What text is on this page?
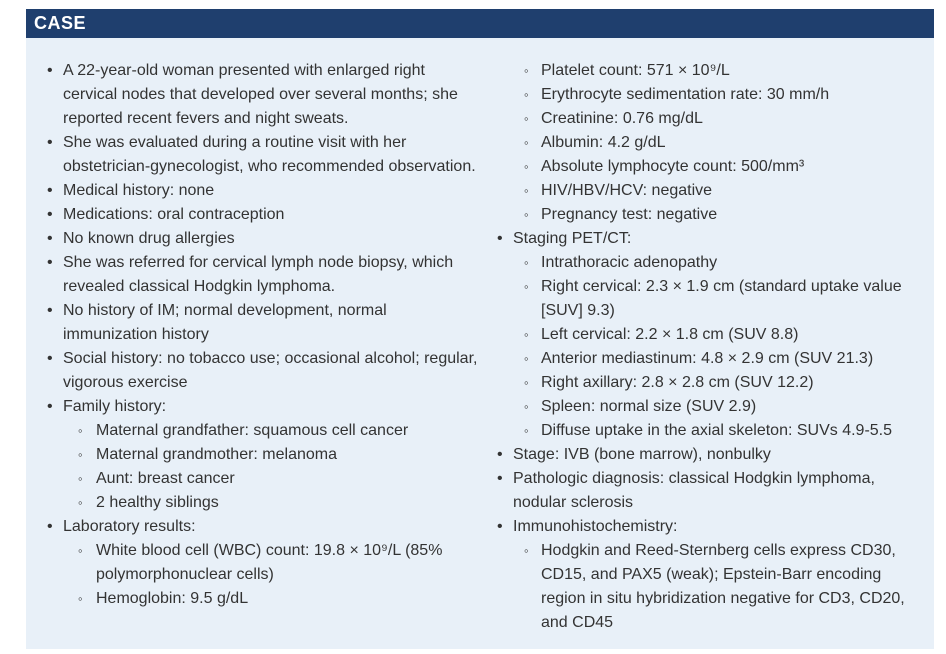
CASE
• A 22-year-old woman presented with enlarged right cervical nodes that developed over several months; she reported recent fevers and night sweats.
• She was evaluated during a routine visit with her obstetrician-gynecologist, who recommended observation.
• Medical history: none
• Medications: oral contraception
• No known drug allergies
• She was referred for cervical lymph node biopsy, which revealed classical Hodgkin lymphoma.
• No history of IM; normal development, normal immunization history
• Social history: no tobacco use; occasional alcohol; regular, vigorous exercise
• Family history:
◦ Maternal grandfather: squamous cell cancer
◦ Maternal grandmother: melanoma
◦ Aunt: breast cancer
◦ 2 healthy siblings
• Laboratory results:
◦ White blood cell (WBC) count: 19.8 × 10⁹/L (85% polymorphonuclear cells)
◦ Hemoglobin: 9.5 g/dL
◦ Platelet count: 571 × 10⁹/L
◦ Erythrocyte sedimentation rate: 30 mm/h
◦ Creatinine: 0.76 mg/dL
◦ Albumin: 4.2 g/dL
◦ Absolute lymphocyte count: 500/mm³
◦ HIV/HBV/HCV: negative
◦ Pregnancy test: negative
• Staging PET/CT:
◦ Intrathoracic adenopathy
◦ Right cervical: 2.3 × 1.9 cm (standard uptake value [SUV] 9.3)
◦ Left cervical: 2.2 × 1.8 cm (SUV 8.8)
◦ Anterior mediastinum: 4.8 × 2.9 cm (SUV 21.3)
◦ Right axillary: 2.8 × 2.8 cm (SUV 12.2)
◦ Spleen: normal size (SUV 2.9)
◦ Diffuse uptake in the axial skeleton: SUVs 4.9-5.5
• Stage: IVB (bone marrow), nonbulky
• Pathologic diagnosis: classical Hodgkin lymphoma, nodular sclerosis
• Immunohistochemistry:
◦ Hodgkin and Reed-Sternberg cells express CD30, CD15, and PAX5 (weak); Epstein-Barr encoding region in situ hybridization negative for CD3, CD20, and CD45
